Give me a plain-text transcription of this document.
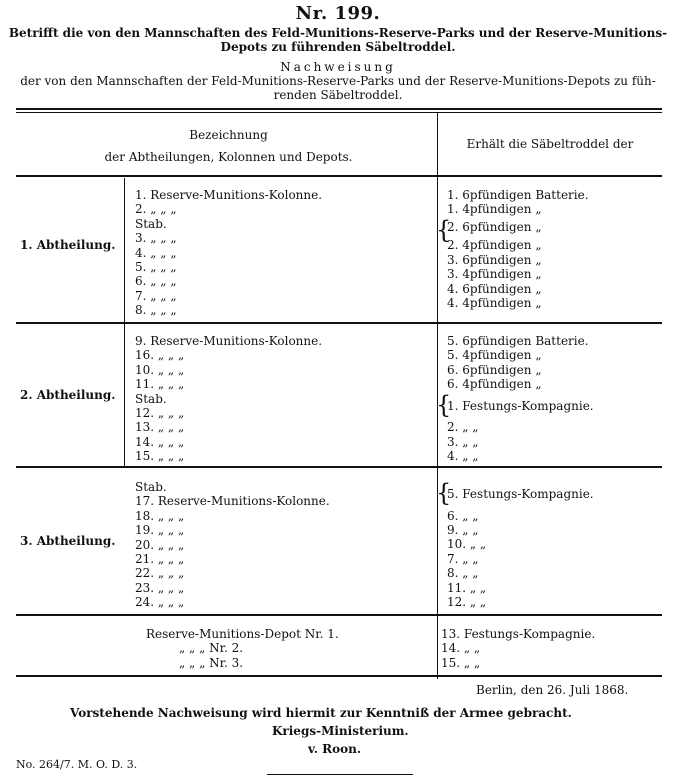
Nr. 199.
Betrifft die von den Mannschaften des Feld-Munitions-Reserve-Parks und der Reserve-Munitions-
Depots zu führenden Säbeltroddel.
Nachweisung
der von den Mannschaften der Feld-Munitions-Reserve-Parks und der Reserve-Munitions-Depots zu füh-
renden Säbeltroddel.
Bezeichnung
der Abtheilungen, Kolonnen und Depots.
Erhält die Säbeltroddel der
1. Abtheilung.
1. Reserve-Munitions-Kolonne.
2. „ „ „
Stab.
3. „ „ „
4. „ „ „
5. „ „ „
6. „ „ „
7. „ „ „
8. „ „ „
1. 6pfündigen Batterie.
1. 4pfündigen „
2. 6pfündigen „
2. 4pfündigen „
3. 6pfündigen „
3. 4pfündigen „
4. 6pfündigen „
4. 4pfündigen „
{
2. Abtheilung.
9. Reserve-Munitions-Kolonne.
16. „ „ „
10. „ „ „
11. „ „ „
Stab.
12. „ „ „
13. „ „ „
14. „ „ „
15. „ „ „
5. 6pfündigen Batterie.
5. 4pfündigen „
6. 6pfündigen „
6. 4pfündigen „
1. Festungs-Kompagnie.
2. „ „
3. „ „
4. „ „
{
3. Abtheilung.
Stab.
17. Reserve-Munitions-Kolonne.
18. „ „ „
19. „ „ „
20. „ „ „
21. „ „ „
22. „ „ „
23. „ „ „
24. „ „ „
5. Festungs-Kompagnie.
6. „ „
9. „ „
10. „ „
7. „ „
8. „ „
11. „ „
12. „ „
{
Reserve-Munitions-Depot Nr. 1.
„ „ „ Nr. 2.
„ „ „ Nr. 3.
13. Festungs-Kompagnie.
14. „ „
15. „ „
Berlin, den 26. Juli 1868.
Vorstehende Nachweisung wird hiermit zur Kenntniß der Armee gebracht.
Kriegs-Ministerium.
v. Roon.
No. 264/7. M. O. D. 3.
